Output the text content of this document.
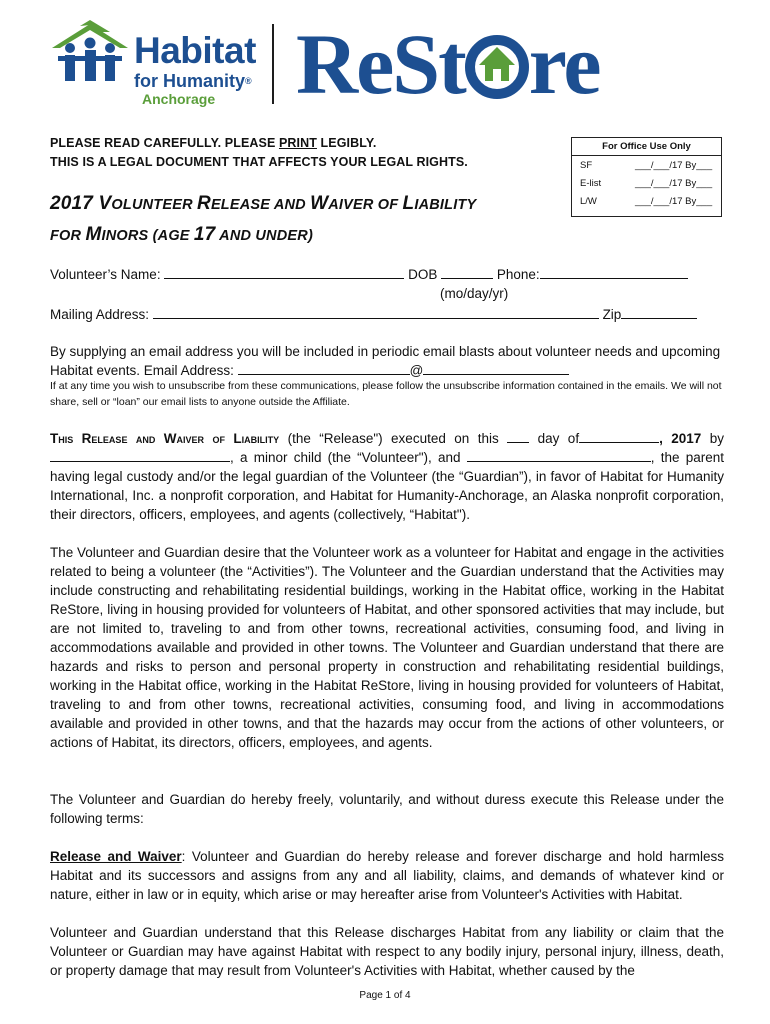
Habitat
for Humanity®
Anchorage ReSt re
PLEASE READ CAREFULLY. PLEASE PRINT LEGIBLY.
THIS IS A LEGAL DOCUMENT THAT AFFECTS YOUR LEGAL RIGHTS.
For Office Use Only
SF	___/___/17 By___
E-list	___/___/17 By___
L/W	___/___/17 By___
2017 VOLUNTEER RELEASE AND WAIVER OF LIABILITY
FOR MINORS (AGE 17 AND UNDER)
Volunteer’s Name:	DOB	Phone:
(mo/day/yr)
Mailing Address:	Zip
By supplying an email address you will be included in periodic email blasts about volunteer needs and upcoming Habitat events. Email Address:	@
If at any time you wish to unsubscribe from these communications, please follow the unsubscribe information contained in the emails. We will not share, sell or “loan” our email lists to anyone outside the Affiliate.
This Release and Waiver of Liability (the “Release") executed on this  day of	, 2017 by , a minor child (the “Volunteer"), and	, the parent having legal custody and/or the legal guardian of the Volunteer (the “Guardian”), in favor of Habitat for Humanity International, Inc. a nonprofit corporation, and Habitat for Humanity-Anchorage, an Alaska nonprofit corporation, their directors, officers, employees, and agents (collectively, “Habitat").
The Volunteer and Guardian desire that the Volunteer work as a volunteer for Habitat and engage in the activities related to being a volunteer (the “Activities”). The Volunteer and the Guardian understand that the Activities may include constructing and rehabilitating residential buildings, working in the Habitat office, working in the Habitat ReStore, living in housing provided for volunteers of Habitat, and other sponsored activities that may include, but are not limited to, traveling to and from other towns, recreational activities, consuming food, and living in accommodations available and provided in other towns. The Volunteer and Guardian understand that there are hazards and risks to person and personal property in construction and rehabilitating residential buildings, working in the Habitat office, working in the Habitat ReStore, living in housing provided for volunteers of Habitat, traveling to and from other towns, recreational activities, consuming food, and living in accommodations available and provided in other towns, and that the hazards may occur from the actions of other volunteers, or actions of Habitat, its directors, officers, employees, and agents.
The Volunteer and Guardian do hereby freely, voluntarily, and without duress execute this Release under the following terms:
Release and Waiver: Volunteer and Guardian do hereby release and forever discharge and hold harmless Habitat and its successors and assigns from any and all liability, claims, and demands of whatever kind or nature, either in law or in equity, which arise or may hereafter arise from Volunteer's Activities with Habitat.
Volunteer and Guardian understand that this Release discharges Habitat from any liability or claim that the Volunteer or Guardian may have against Habitat with respect to any bodily injury, personal injury, illness, death, or property damage that may result from Volunteer's Activities with Habitat, whether caused by the
Page 1 of 4
